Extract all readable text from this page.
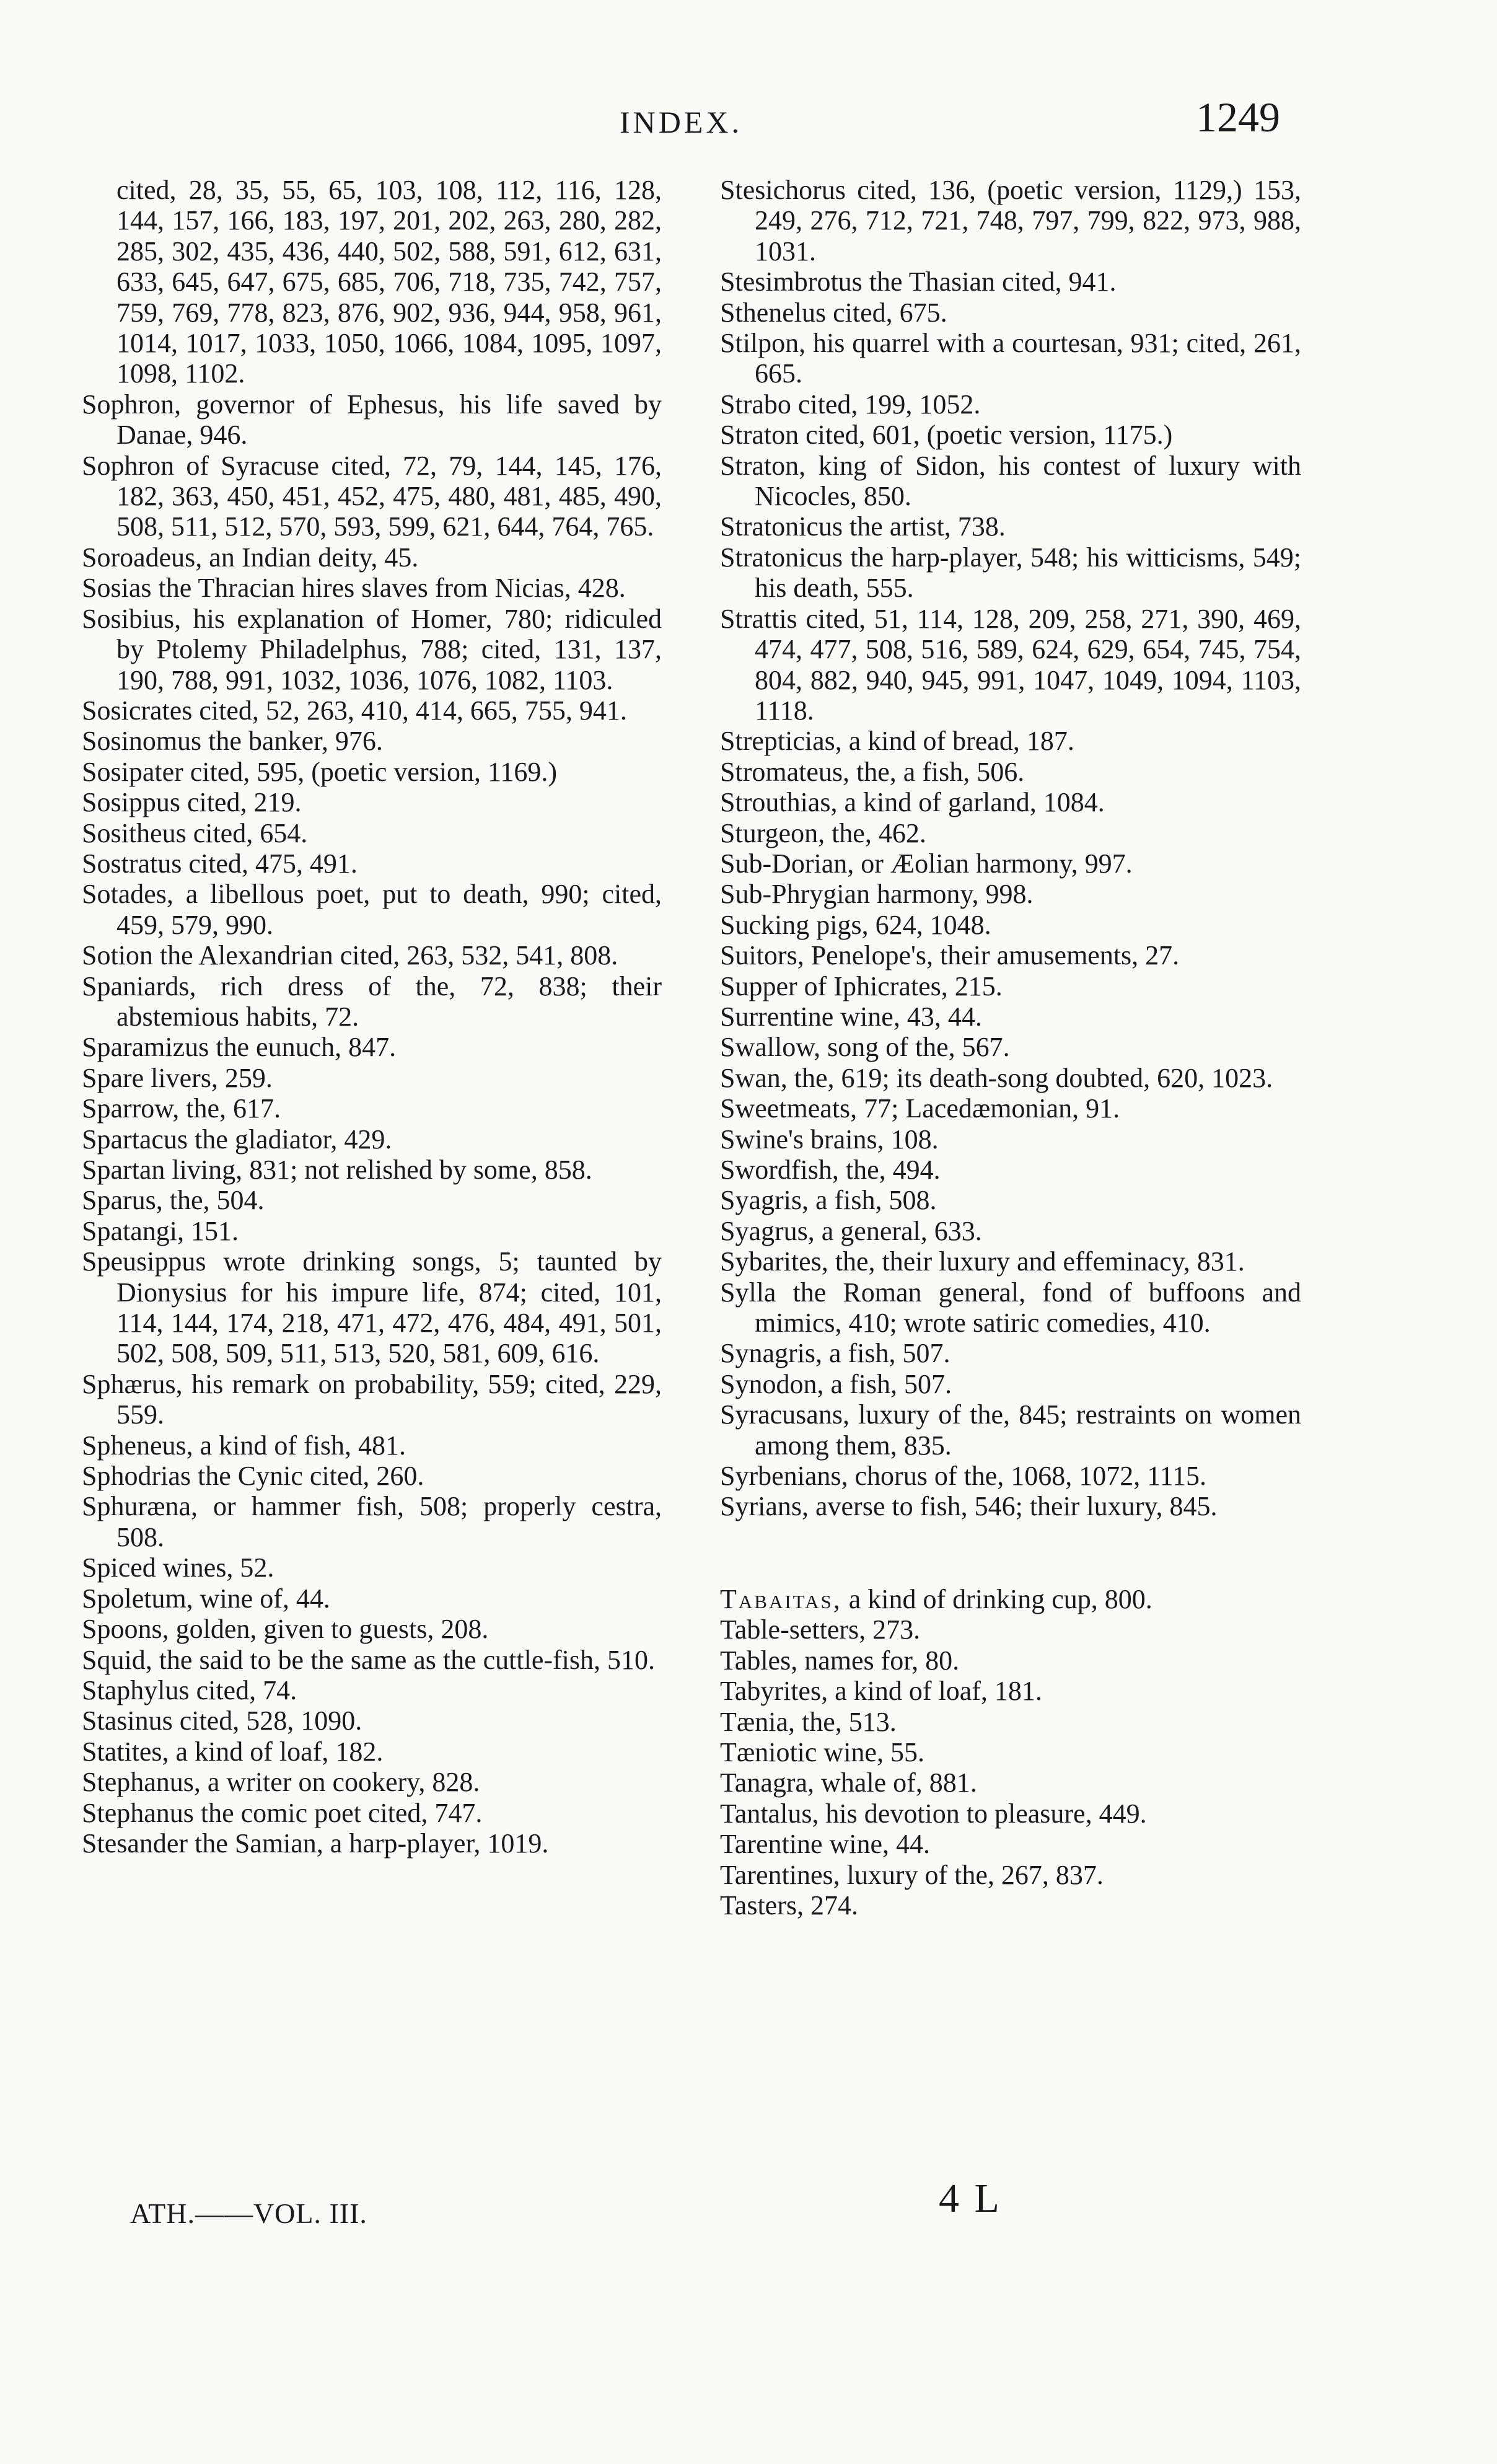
INDEX.	1249
cited, 28, 35, 55, 65, 103, 108, 112, 116, 128, 144, 157, 166, 183, 197, 201, 202, 263, 280, 282, 285, 302, 435, 436, 440, 502, 588, 591, 612, 631, 633, 645, 647, 675, 685, 706, 718, 735, 742, 757, 759, 769, 778, 823, 876, 902, 936, 944, 958, 961, 1014, 1017, 1033, 1050, 1066, 1084, 1095, 1097, 1098, 1102.
Sophron, governor of Ephesus, his life saved by Danae, 946.
Sophron of Syracuse cited, 72, 79, 144, 145, 176, 182, 363, 450, 451, 452, 475, 480, 481, 485, 490, 508, 511, 512, 570, 593, 599, 621, 644, 764, 765.
Soroadeus, an Indian deity, 45.
Sosias the Thracian hires slaves from Nicias, 428.
Sosibius, his explanation of Homer, 780; ridiculed by Ptolemy Philadelphus, 788; cited, 131, 137, 190, 788, 991, 1032, 1036, 1076, 1082, 1103.
Sosicrates cited, 52, 263, 410, 414, 665, 755, 941.
Sosinomus the banker, 976.
Sosipater cited, 595, (poetic version, 1169.)
Sosippus cited, 219.
Sositheus cited, 654.
Sostratus cited, 475, 491.
Sotades, a libellous poet, put to death, 990; cited, 459, 579, 990.
Sotion the Alexandrian cited, 263, 532, 541, 808.
Spaniards, rich dress of the, 72, 838; their abstemious habits, 72.
Sparamizus the eunuch, 847.
Spare livers, 259.
Sparrow, the, 617.
Spartacus the gladiator, 429.
Spartan living, 831; not relished by some, 858.
Sparus, the, 504.
Spatangi, 151.
Speusippus wrote drinking songs, 5; taunted by Dionysius for his impure life, 874; cited, 101, 114, 144, 174, 218, 471, 472, 476, 484, 491, 501, 502, 508, 509, 511, 513, 520, 581, 609, 616.
Sphærus, his remark on probability, 559; cited, 229, 559.
Spheneus, a kind of fish, 481.
Sphodrias the Cynic cited, 260.
Sphuræna, or hammer fish, 508; properly cestra, 508.
Spiced wines, 52.
Spoletum, wine of, 44.
Spoons, golden, given to guests, 208.
Squid, the said to be the same as the cuttle-fish, 510.
Staphylus cited, 74.
Stasinus cited, 528, 1090.
Statites, a kind of loaf, 182.
Stephanus, a writer on cookery, 828.
Stephanus the comic poet cited, 747.
Stesander the Samian, a harp-player, 1019.
Stesichorus cited, 136, (poetic version, 1129,) 153, 249, 276, 712, 721, 748, 797, 799, 822, 973, 988, 1031.
Stesimbrotus the Thasian cited, 941.
Sthenelus cited, 675.
Stilpon, his quarrel with a courtesan, 931; cited, 261, 665.
Strabo cited, 199, 1052.
Straton cited, 601, (poetic version, 1175.)
Straton, king of Sidon, his contest of luxury with Nicocles, 850.
Stratonicus the artist, 738.
Stratonicus the harp-player, 548; his witticisms, 549; his death, 555.
Strattis cited, 51, 114, 128, 209, 258, 271, 390, 469, 474, 477, 508, 516, 589, 624, 629, 654, 745, 754, 804, 882, 940, 945, 991, 1047, 1049, 1094, 1103, 1118.
Strepticias, a kind of bread, 187.
Stromateus, the, a fish, 506.
Strouthias, a kind of garland, 1084.
Sturgeon, the, 462.
Sub-Dorian, or Æolian harmony, 997.
Sub-Phrygian harmony, 998.
Sucking pigs, 624, 1048.
Suitors, Penelope's, their amusements, 27.
Supper of Iphicrates, 215.
Surrentine wine, 43, 44.
Swallow, song of the, 567.
Swan, the, 619; its death-song doubted, 620, 1023.
Sweetmeats, 77; Lacedæmonian, 91.
Swine's brains, 108.
Swordfish, the, 494.
Syagris, a fish, 508.
Syagrus, a general, 633.
Sybarites, the, their luxury and effeminacy, 831.
Sylla the Roman general, fond of buffoons and mimics, 410; wrote satiric comedies, 410.
Synagris, a fish, 507.
Synodon, a fish, 507.
Syracusans, luxury of the, 845; restraints on women among them, 835.
Syrbenians, chorus of the, 1068, 1072, 1115.
Syrians, averse to fish, 546; their luxury, 845.
Tabaitas, a kind of drinking cup, 800.
Table-setters, 273.
Tables, names for, 80.
Tabyrites, a kind of loaf, 181.
Tænia, the, 513.
Tæniotic wine, 55.
Tanagra, whale of, 881.
Tantalus, his devotion to pleasure, 449.
Tarentine wine, 44.
Tarentines, luxury of the, 267, 837.
Tasters, 274.
ATH.——VOL. III.	4 L
